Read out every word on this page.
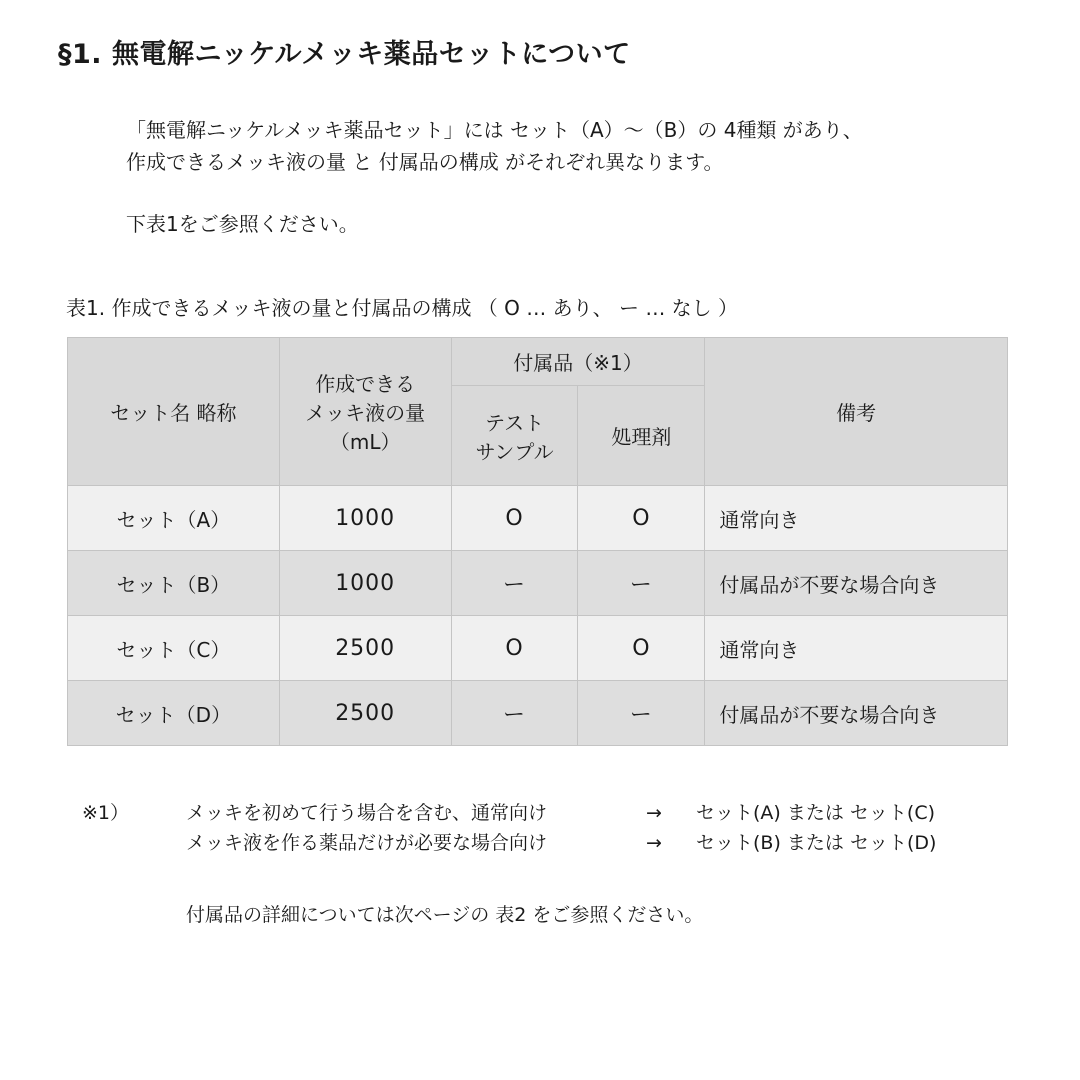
§1. 無電解ニッケルメッキ薬品セットについて

「無電解ニッケルメッキ薬品セット」には セット（A）～（B）の 4種類 があり、

作成できるメッキ液の量 と 付属品の構成 がそれぞれ異なります。

下表1をご参照ください。

表1. 作成できるメッキ液の量と付属品の構成 （ O … あり、 ー … なし ）
セット名 略称	作成できる
メッキ液の量
（mL）	付属品（※1）		備考

		テスト
サンプル	処理剤	
セット（A）	1000	O	O	通常向き
セット（B）	1000	ー	ー	付属品が不要な場合向き
セット（C）	2500	O	O	通常向き
セット（D）	2500	ー	ー	付属品が不要な場合向き
※1）	メッキを初めて行う場合を含む、通常向け	→	セット(A) または セット(C)
メッキ液を作る薬品だけが必要な場合向け	→	セット(B) または セット(D)
付属品の詳細については次ページの 表2 をご参照ください。
